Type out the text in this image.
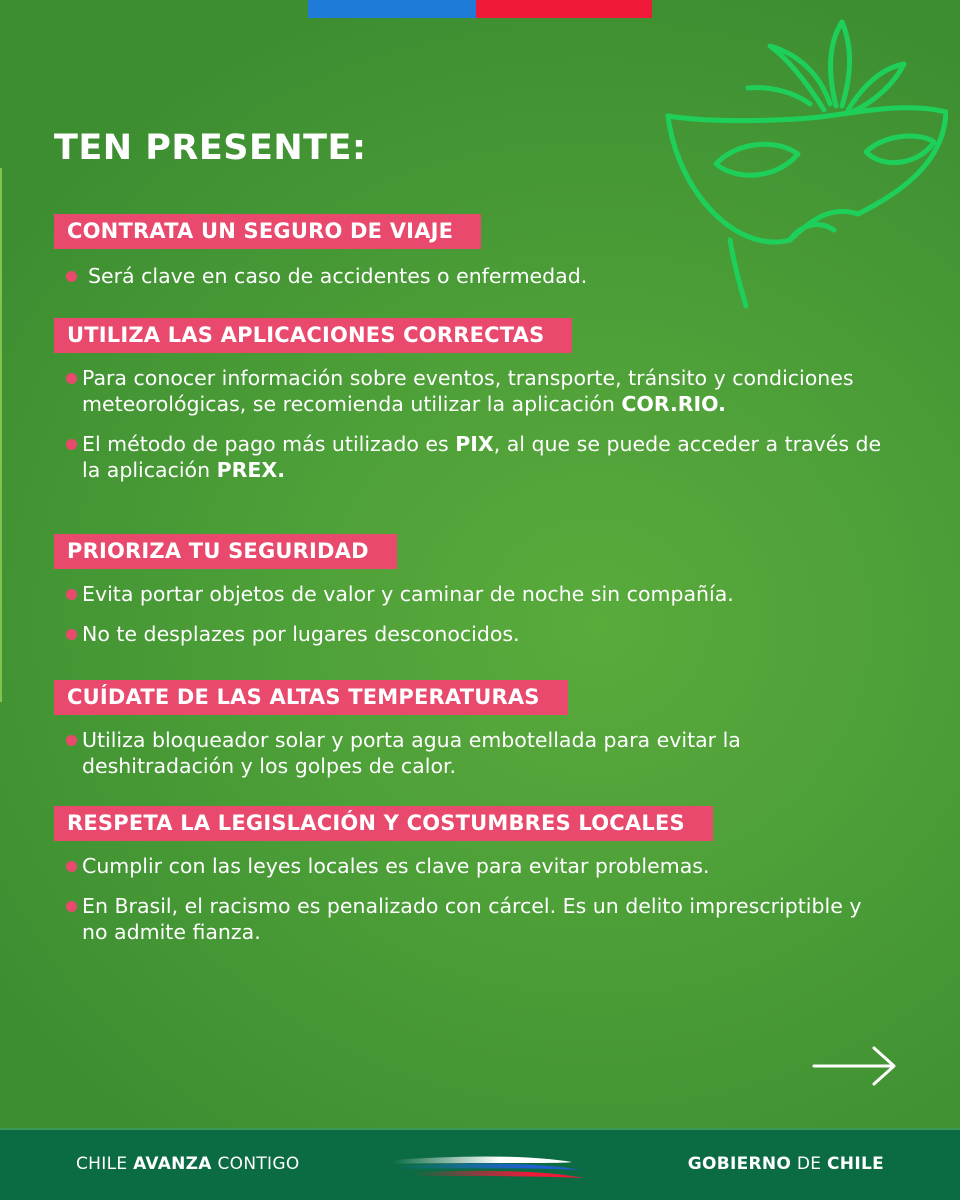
TEN PRESENTE:
CONTRATA UN SEGURO DE VIAJE
Será clave en caso de accidentes o enfermedad.
UTILIZA LAS APLICACIONES CORRECTAS
Para conocer información sobre eventos, transporte, tránsito y condiciones meteorológicas, se recomienda utilizar la aplicación COR.RIO.
El método de pago más utilizado es PIX, al que se puede acceder a través de la aplicación PREX.
PRIORIZA TU SEGURIDAD
Evita portar objetos de valor y caminar de noche sin compañía.
No te desplazes por lugares desconocidos.
CUÍDATE DE LAS ALTAS TEMPERATURAS
Utiliza bloqueador solar y porta agua embotellada para evitar la deshitradación y los golpes de calor.
RESPETA LA LEGISLACIÓN Y COSTUMBRES LOCALES
Cumplir con las leyes locales es clave para evitar problemas.
En Brasil, el racismo es penalizado con cárcel. Es un delito imprescriptible y no admite fianza.
CHILE AVANZA CONTIGO	GOBIERNO DE CHILE
